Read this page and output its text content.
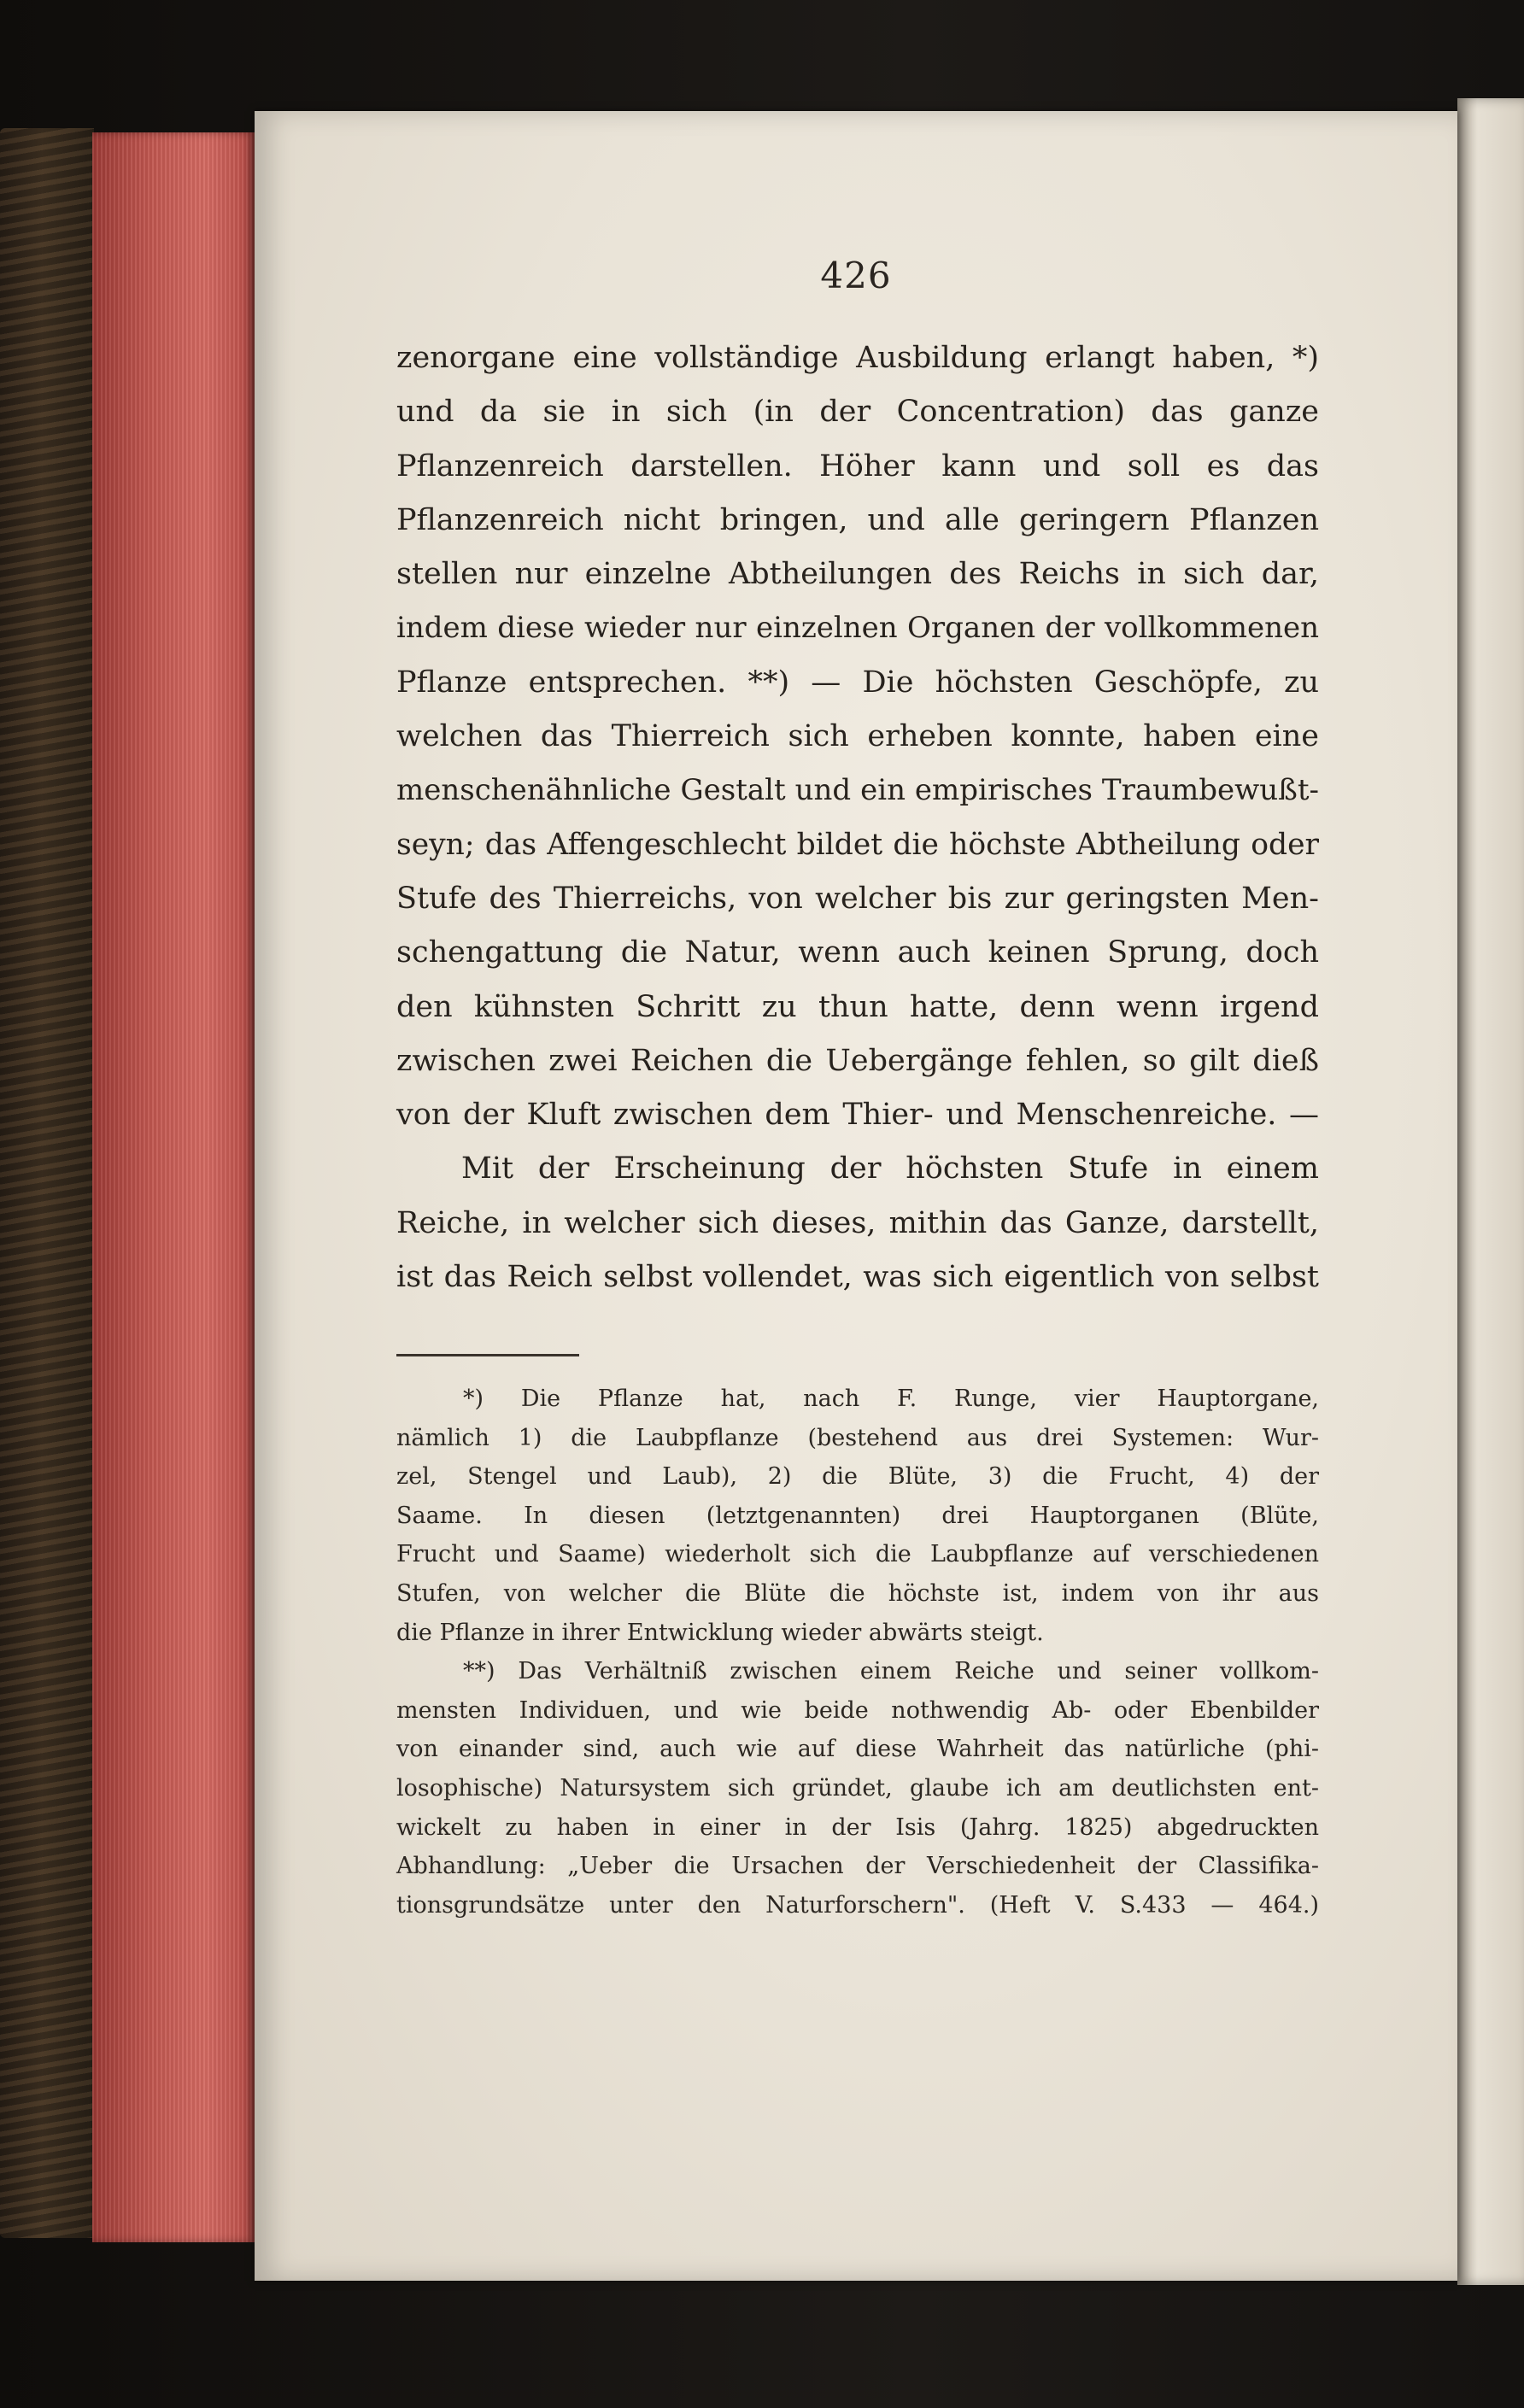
426
zenorgane eine vollständige Ausbildung erlangt haben, *)
und da sie in sich (in der Concentration) das ganze
Pflanzenreich darstellen. Höher kann und soll es das
Pflanzenreich nicht bringen, und alle geringern Pflanzen
stellen nur einzelne Abtheilungen des Reichs in sich dar,
indem diese wieder nur einzelnen Organen der vollkommenen
Pflanze entsprechen. **) — Die höchsten Geschöpfe, zu
welchen das Thierreich sich erheben konnte, haben eine
menschenähnliche Gestalt und ein empirisches Traumbewußt-
seyn; das Affengeschlecht bildet die höchste Abtheilung oder
Stufe des Thierreichs, von welcher bis zur geringsten Men-
schengattung die Natur, wenn auch keinen Sprung, doch
den kühnsten Schritt zu thun hatte, denn wenn irgend
zwischen zwei Reichen die Uebergänge fehlen, so gilt dieß
von der Kluft zwischen dem Thier- und Menschenreiche. —
Mit der Erscheinung der höchsten Stufe in einem
Reiche, in welcher sich dieses, mithin das Ganze, darstellt,
ist das Reich selbst vollendet, was sich eigentlich von selbst
*) Die Pflanze hat, nach F. Runge, vier Hauptorgane,
nämlich 1) die Laubpflanze (bestehend aus drei Systemen: Wur-
zel, Stengel und Laub), 2) die Blüte, 3) die Frucht, 4) der
Saame. In diesen (letztgenannten) drei Hauptorganen (Blüte,
Frucht und Saame) wiederholt sich die Laubpflanze auf verschiedenen
Stufen, von welcher die Blüte die höchste ist, indem von ihr aus
die Pflanze in ihrer Entwicklung wieder abwärts steigt.
**) Das Verhältniß zwischen einem Reiche und seiner vollkom-
mensten Individuen, und wie beide nothwendig Ab- oder Ebenbilder
von einander sind, auch wie auf diese Wahrheit das natürliche (phi-
losophische) Natursystem sich gründet, glaube ich am deutlichsten ent-
wickelt zu haben in einer in der Isis (Jahrg. 1825) abgedruckten
Abhandlung: „Ueber die Ursachen der Verschiedenheit der Classifika-
tionsgrundsätze unter den Naturforschern". (Heft V. S.433 — 464.)
